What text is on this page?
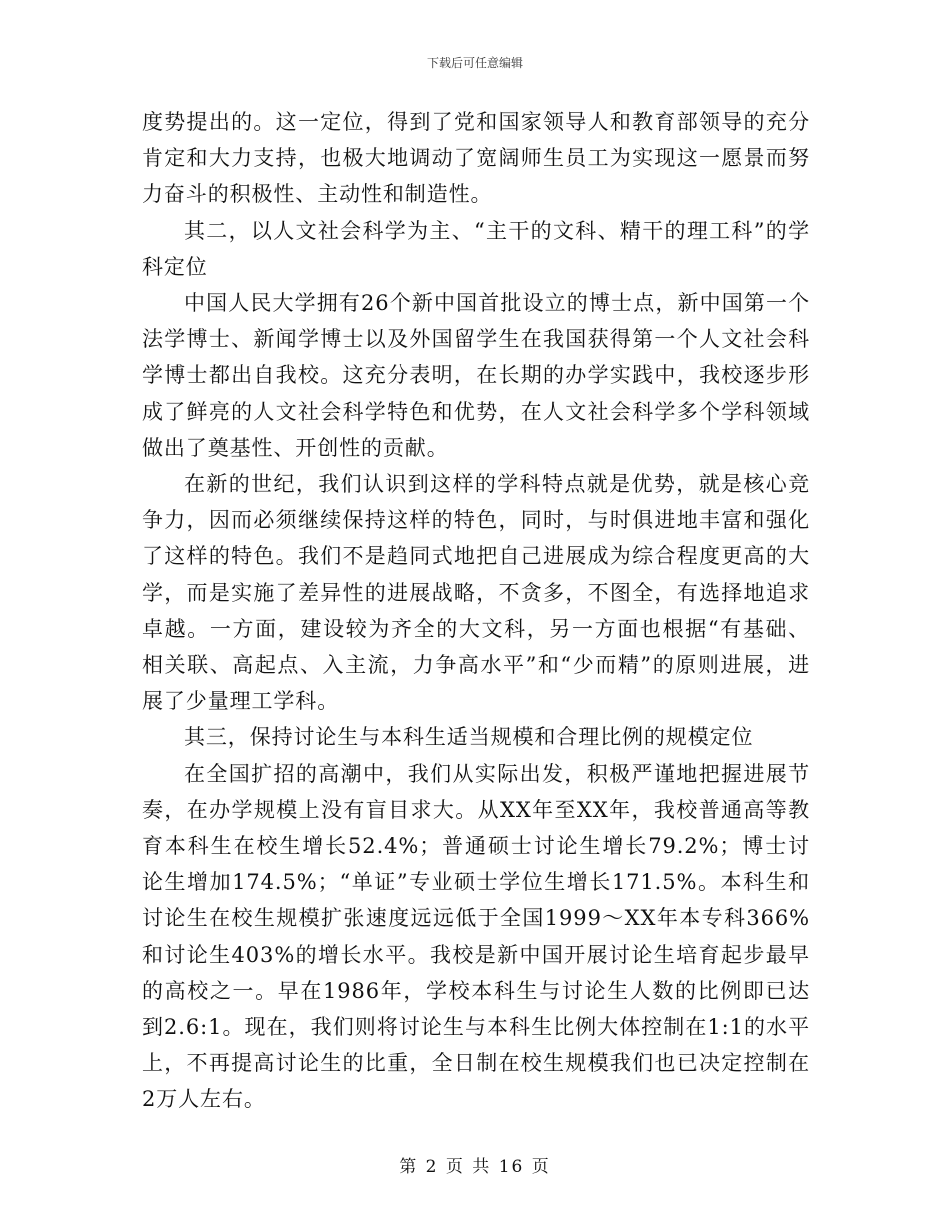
下载后可任意编辑

度势提出的。这一定位，得到了党和国家领导人和教育部领导的充分肯定和大力支持，也极大地调动了宽阔师生员工为实现这一愿景而努力奋斗的积极性、主动性和制造性。

其二，以人文社会科学为主、“主干的文科、精干的理工科”的学科定位

中国人民大学拥有26个新中国首批设立的博士点，新中国第一个法学博士、新闻学博士以及外国留学生在我国获得第一个人文社会科学博士都出自我校。这充分表明，在长期的办学实践中，我校逐步形成了鲜亮的人文社会科学特色和优势，在人文社会科学多个学科领域做出了奠基性、开创性的贡献。

在新的世纪，我们认识到这样的学科特点就是优势，就是核心竞争力，因而必须继续保持这样的特色，同时，与时俱进地丰富和强化了这样的特色。我们不是趋同式地把自己进展成为综合程度更高的大学，而是实施了差异性的进展战略，不贪多，不图全，有选择地追求卓越。一方面，建设较为齐全的大文科，另一方面也根据“有基础、相关联、高起点、入主流，力争高水平”和“少而精”的原则进展，进展了少量理工学科。

其三，保持讨论生与本科生适当规模和合理比例的规模定位

在全国扩招的高潮中，我们从实际出发，积极严谨地把握进展节奏，在办学规模上没有盲目求大。从XX年至XX年，我校普通高等教育本科生在校生增长52.4%；普通硕士讨论生增长79.2%；博士讨论生增加174.5%；“单证”专业硕士学位生增长171.5%。本科生和讨论生在校生规模扩张速度远远低于全国1999～XX年本专科366%和讨论生403%的增长水平。我校是新中国开展讨论生培育起步最早的高校之一。早在1986年，学校本科生与讨论生人数的比例即已达到2.6:1。现在，我们则将讨论生与本科生比例大体控制在1:1的水平上，不再提高讨论生的比重，全日制在校生规模我们也已决定控制在2万人左右。

第 2 页 共 16 页
